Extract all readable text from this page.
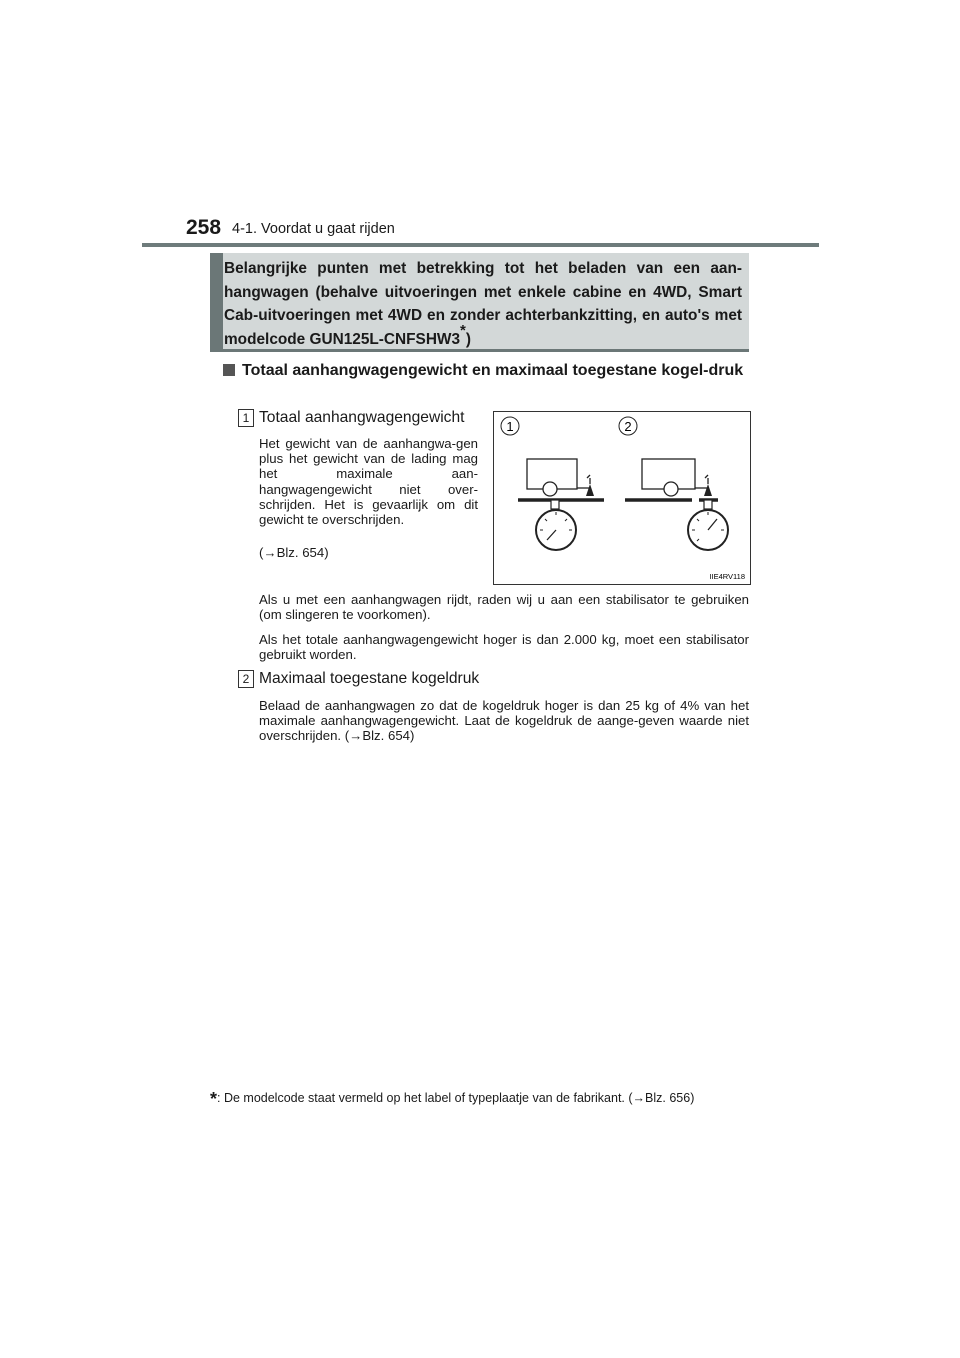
258 4-1. Voordat u gaat rijden
Belangrijke punten met betrekking tot het beladen van een aan-hangwagen (behalve uitvoeringen met enkele cabine en 4WD, Smart Cab-uitvoeringen met 4WD en zonder achterbankzitting, en auto's met modelcode GUN125L-CNFSHW3*)
Totaal aanhangwagengewicht en maximaal toegestane kogel-druk
1 Totaal aanhangwagengewicht
Het gewicht van de aanhangwa-gen plus het gewicht van de lading mag het maximale aan-hangwagengewicht niet over-schrijden. Het is gevaarlijk om dit gewicht te overschrijden.
(→Blz. 654)
1	2
IIE4RV118
Als u met een aanhangwagen rijdt, raden wij u aan een stabilisator te gebruiken (om slingeren te voorkomen).
Als het totale aanhangwagengewicht hoger is dan 2.000 kg, moet een stabilisator gebruikt worden.
2 Maximaal toegestane kogeldruk
Belaad de aanhangwagen zo dat de kogeldruk hoger is dan 25 kg of 4% van het maximale aanhangwagengewicht. Laat de kogeldruk de aange-geven waarde niet overschrijden. (→Blz. 654)
*: De modelcode staat vermeld op het label of typeplaatje van de fabrikant. (→Blz. 656)
